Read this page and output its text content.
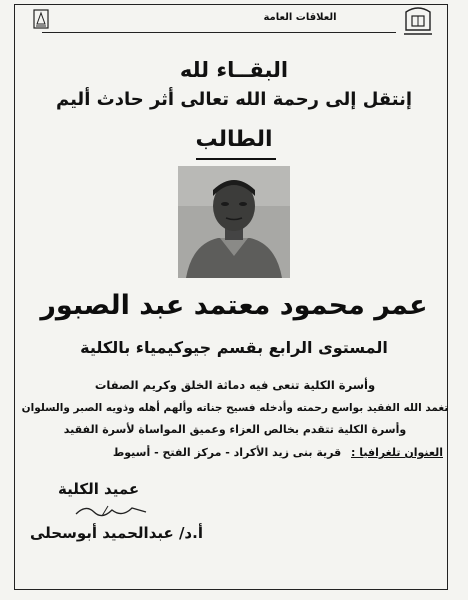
العلاقات العامة
البقــاء لله
إنتقل إلى رحمة الله تعالى أثر حادث أليم
الطالب
عمر محمود معتمد عبد الصبور
المستوى الرابع بقسم جيوكيمياء بالكلية
وأسرة الكلية تنعى فيه دماثة الخلق وكريم الصفات
تغمد الله الفقيد بواسع رحمته وأدخله فسيح جناته وألهم أهله وذويه الصبر والسلوان
وأسرة الكلية تتقدم بخالص العزاء وعميق المواساة لأسرة الفقيد
العنوان تلغرافيا : قرية بنى زيد الأكراد - مركز الفتح - أسيوط
عميد الكلية
أ.د/ عبدالحميد أبوسحلى
